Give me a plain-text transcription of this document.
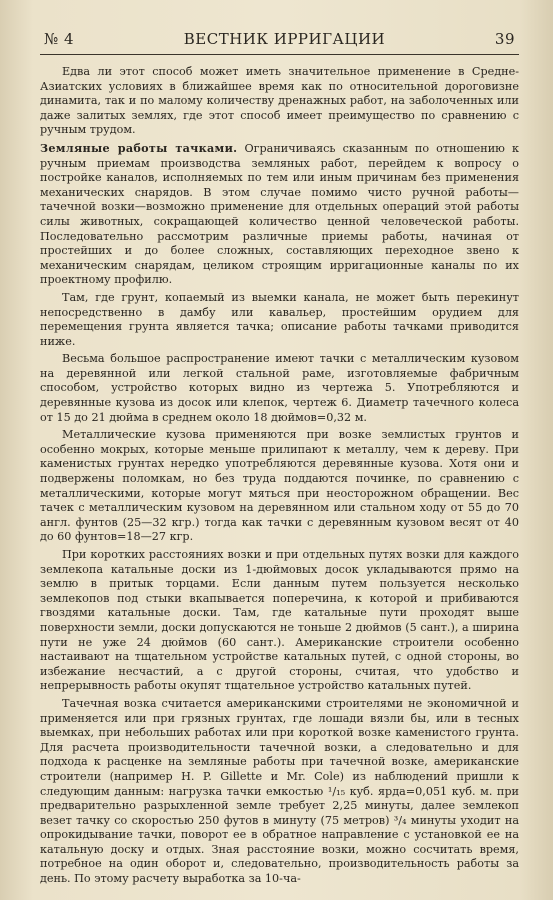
№ 4	ВЕСТНИК ИРРИГАЦИИ	39

Едва ли этот способ может иметь значительное применение в Средне-Азиатских условиях в ближайшее время как по относительной дороговизне динамита, так и по малому количеству дренажных работ, на заболоченных или даже залитых землях, где этот способ имеет преимущество по сравнению с ручным трудом.

Земляные работы тачками. Ограничиваясь сказанным по отношению к ручным приемам производства земляных работ, перейдем к вопросу о постройке каналов, исполняемых по тем или иным причинам без применения механических снарядов. В этом случае помимо чисто ручной работы—тачечной возки—возможно применение для отдельных операций этой работы силы животных, сокращающей количество ценной человеческой работы. Последовательно рассмотрим различные приемы работы, начиная от простейших и до более сложных, составляющих переходное звено к механическим снарядам, целиком строящим ирригационные каналы по их проектному профилю.

Там, где грунт, копаемый из выемки канала, не может быть перекинут непосредственно в дамбу или кавальер, простейшим орудием для перемещения грунта является тачка; описание работы тачками приводится ниже.

Весьма большое распространение имеют тачки с металлическим кузовом на деревянной или легкой стальной раме, изготовляемые фабричным способом, устройство которых видно из чертежа 5. Употребляются и деревянные кузова из досок или клепок, чертеж 6. Диаметр тачечного колеса от 15 до 21 дюйма в среднем около 18 дюймов=0,32 м.

Металлические кузова применяются при возке землистых грунтов и особенно мокрых, которые меньше прилипают к металлу, чем к дереву. При каменистых грунтах нередко употребляются деревянные кузова. Хотя они и подвержены поломкам, но без труда поддаются починке, по сравнению с металлическими, которые могут мяться при неосторожном обращении. Вес тачек с металлическим кузовом на деревянном или стальном ходу от 55 до 70 англ. фунтов (25—32 кгр.) тогда как тачки с деревянным кузовом весят от 40 до 60 фунтов=18—27 кгр.

При коротких расстояниях возки и при отдельных путях возки для каждого землекопа катальные доски из 1-дюймовых досок укладываются прямо на землю в притык торцами. Если данным путем пользуется несколько землекопов под стыки вкапывается поперечина, к которой и прибиваются гвоздями катальные доски. Там, где катальные пути проходят выше поверхности земли, доски допускаются не тоньше 2 дюймов (5 сант.), а ширина пути не уже 24 дюймов (60 сант.). Американские строители особенно настаивают на тщательном устройстве катальных путей, с одной стороны, во избежание несчастий, а с другой стороны, считая, что удобство и непрерывность работы окупят тщательное устройство катальных путей.

Тачечная возка считается американскими строителями не экономичной и применяется или при грязных грунтах, где лошади вязли бы, или в тесных выемках, при небольших работах или при короткой возке каменистого грунта. Для расчета производительности тачечной возки, а следовательно и для подхода к расценке на земляные работы при тачечной возке, американские строители (например H. P. Gillette и Mr. Cole) из наблюдений пришли к следующим данным: нагрузка тачки емкостью ¹/₁₅ куб. ярда=0,051 куб. м. при предварительно разрыхленной земле требует 2,25 минуты, далее землекоп везет тачку со скоростью 250 футов в минуту (75 метров) ³/₄ минуты уходит на опрокидывание тачки, поворот ее в обратное направление с установкой ее на катальную доску и отдых. Зная расстояние возки, можно сосчитать время, потребное на один оборот и, следовательно, производительность работы за день. По этому расчету выработка за 10-ча-
